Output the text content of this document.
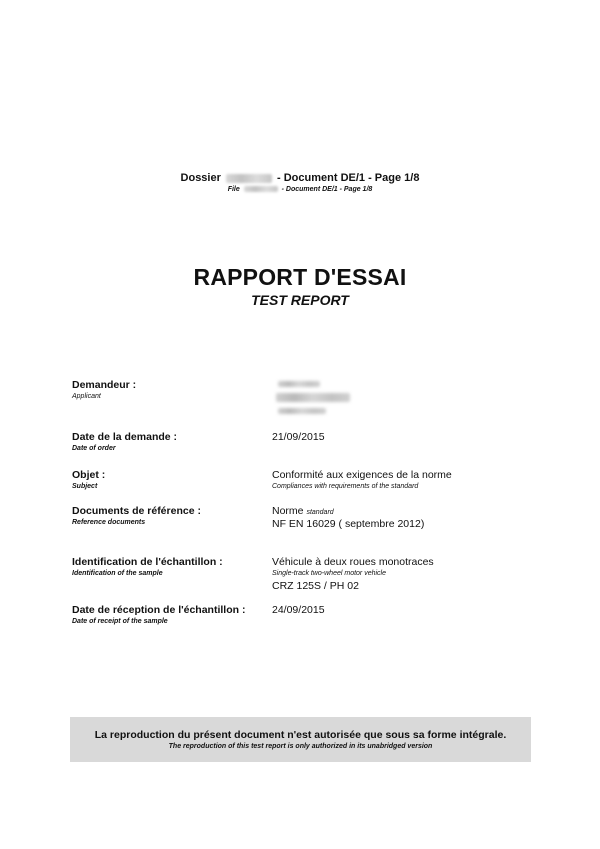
Dossier	- Document DE/1 - Page 1/8
File	- Document DE/1 - Page 1/8
RAPPORT D'ESSAI
TEST REPORT
Demandeur :
Applicant
Date de la demande :
Date of order
21/09/2015
Objet :
Subject
Conformité aux exigences de la norme
Compliances with requirements of the standard
Documents de référence :
Reference documents
Norme standard
NF EN 16029 ( septembre 2012)
Identification de l'échantillon :
Identification of the sample
Véhicule à deux roues monotraces
Single-track two-wheel motor vehicle
CRZ 125S / PH 02
Date de réception de l'échantillon :
Date of receipt of the sample
24/09/2015
La reproduction du présent document n'est autorisée que sous sa forme intégrale.
The reproduction of this test report is only authorized in its unabridged version
